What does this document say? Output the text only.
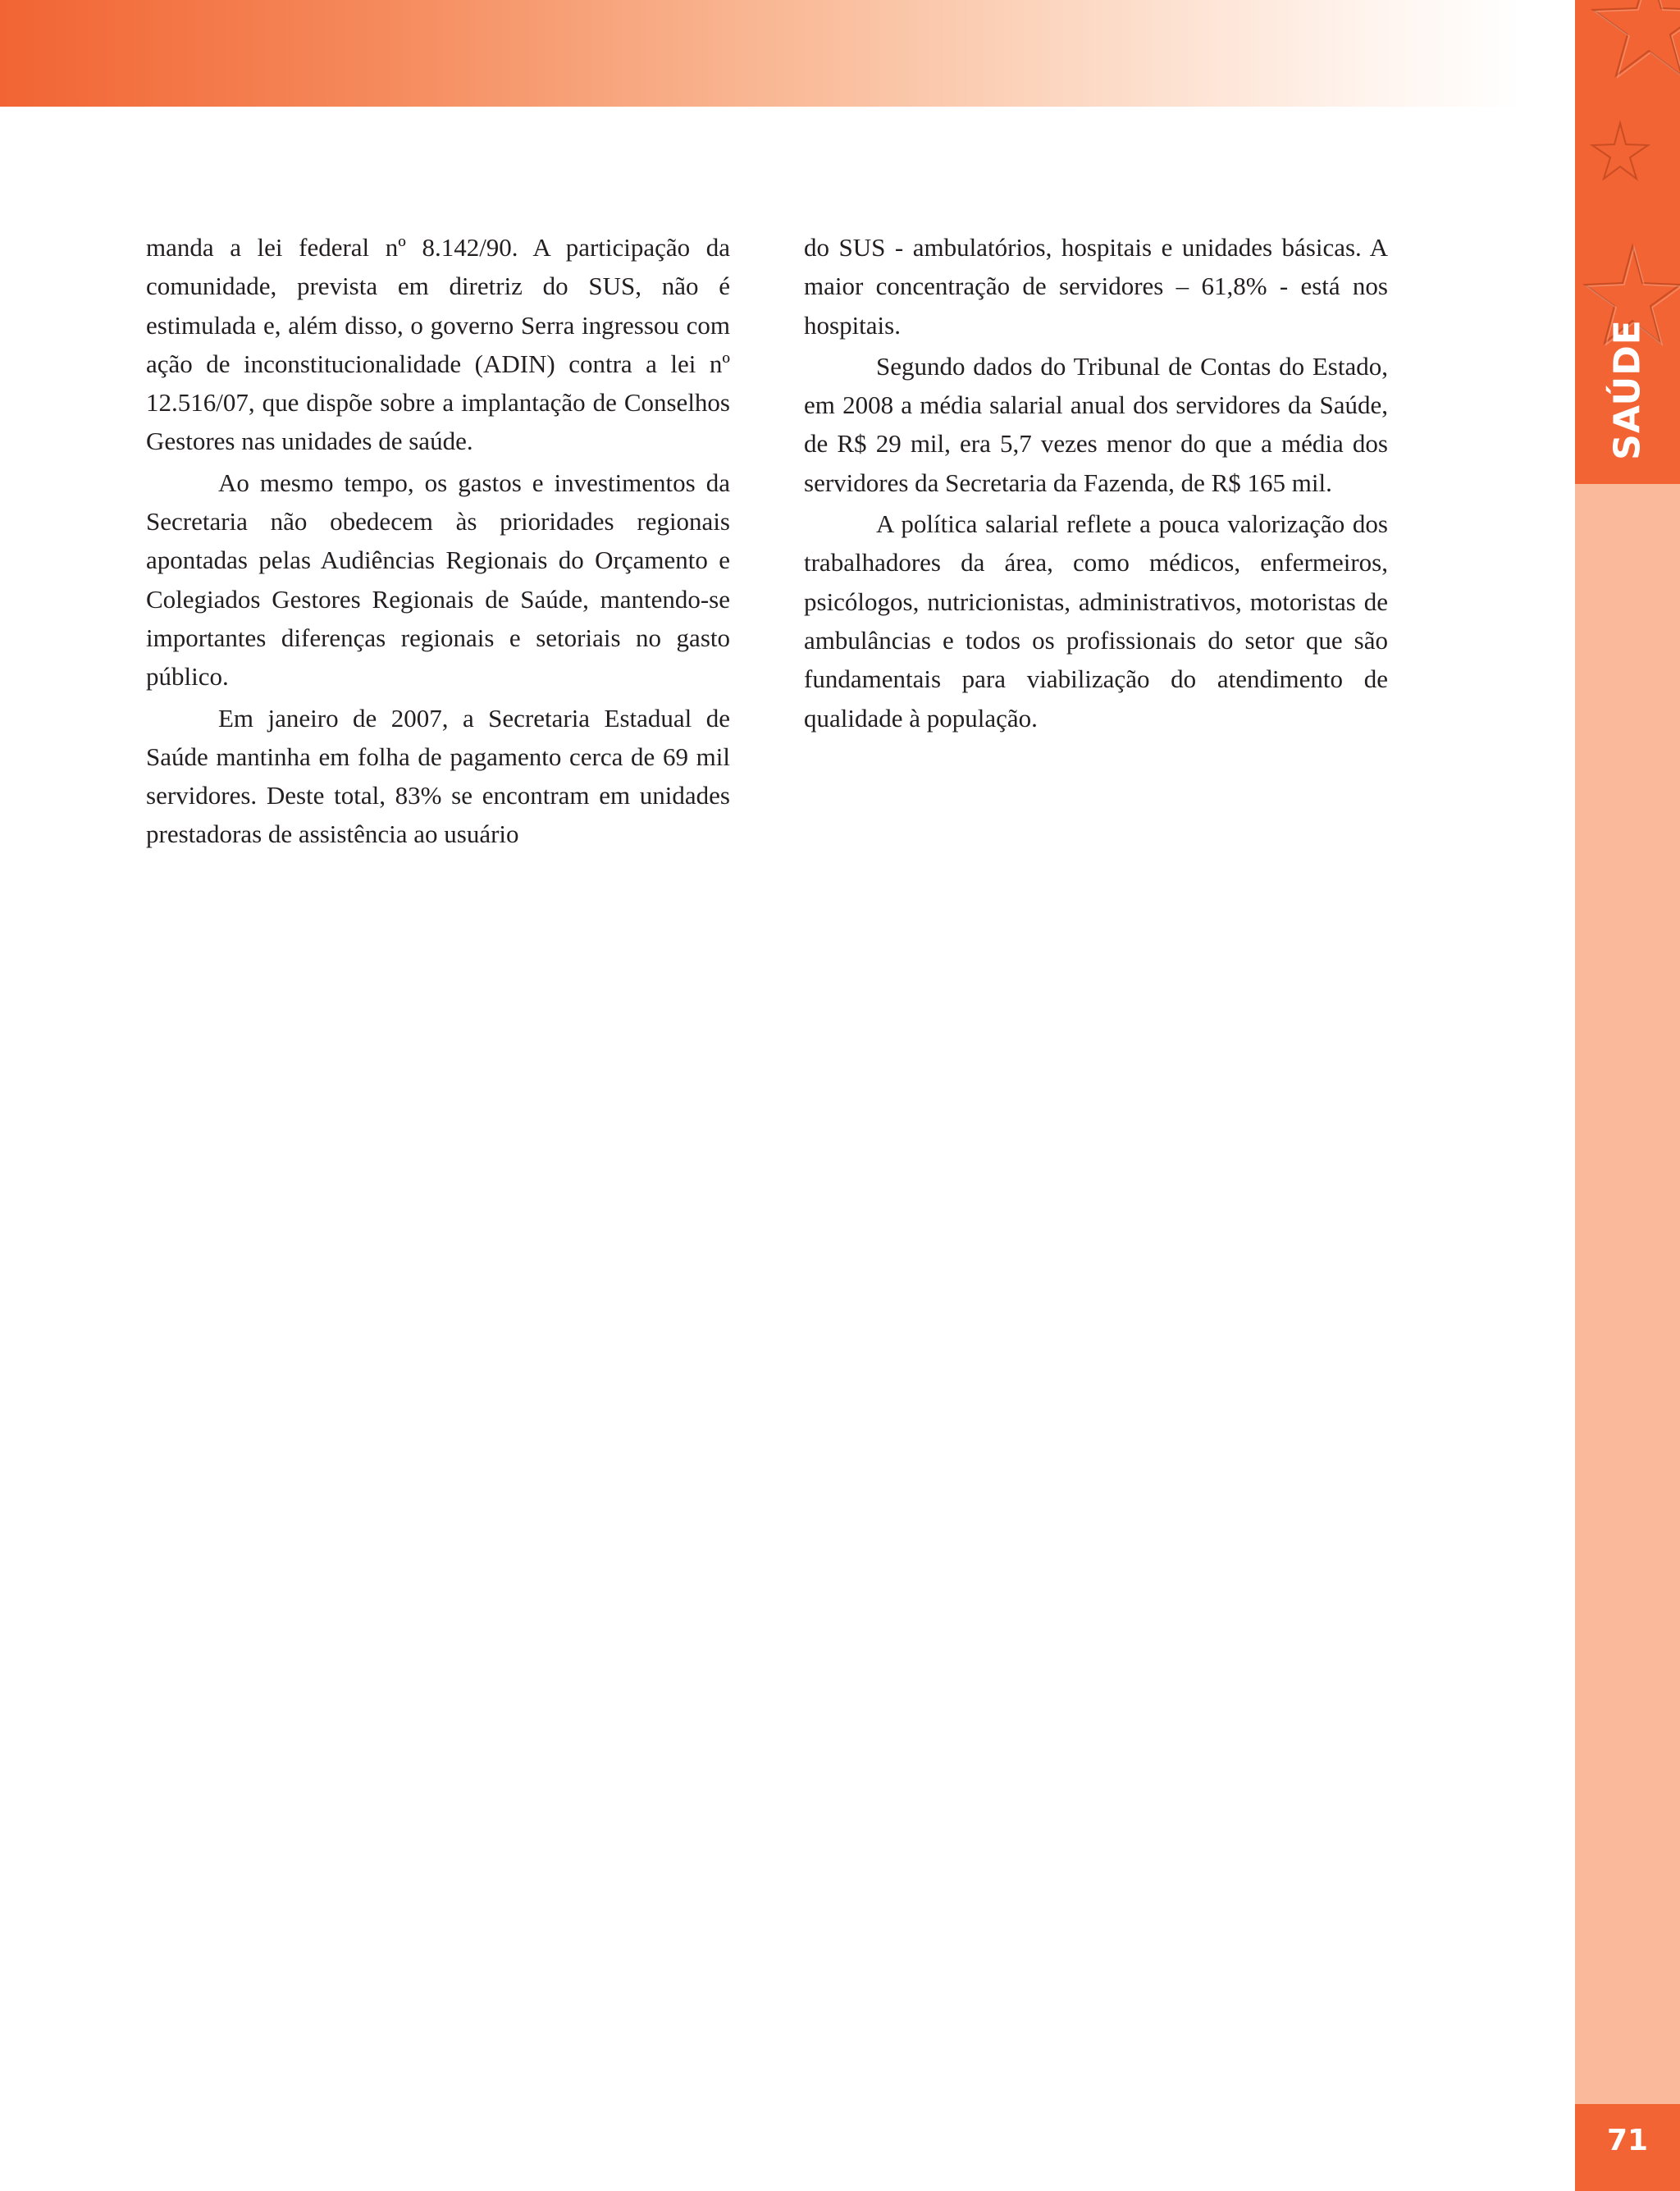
SAÚDE

manda a lei federal nº 8.142/90. A participação da comunidade, prevista em diretriz do SUS, não é estimulada e, além disso, o governo Serra ingressou com ação de inconstitucionalidade (ADIN) contra a lei nº 12.516/07, que dispõe sobre a implantação de Conselhos Gestores nas unidades de saúde.

Ao mesmo tempo, os gastos e investimentos da Secretaria não obedecem às prioridades regionais apontadas pelas Audiências Regionais do Orçamento e Colegiados Gestores Regionais de Saúde, mantendo-se importantes diferenças regionais e setoriais no gasto público.

Em janeiro de 2007, a Secretaria Estadual de Saúde mantinha em folha de pagamento cerca de 69 mil servidores. Deste total, 83% se encontram em unidades prestadoras de assistência ao usuário

do SUS - ambulatórios, hospitais e unidades básicas. A maior concentração de servidores – 61,8% - está nos hospitais.

Segundo dados do Tribunal de Contas do Estado, em 2008 a média salarial anual dos servidores da Saúde, de R$ 29 mil, era 5,7 vezes menor do que a média dos servidores da Secretaria da Fazenda, de R$ 165 mil.

A política salarial reflete a pouca valorização dos trabalhadores da área, como médicos, enfermeiros, psicólogos, nutricionistas, administrativos, motoristas de ambulâncias e todos os profissionais do setor que são fundamentais para viabilização do atendimento de qualidade à população.

71
